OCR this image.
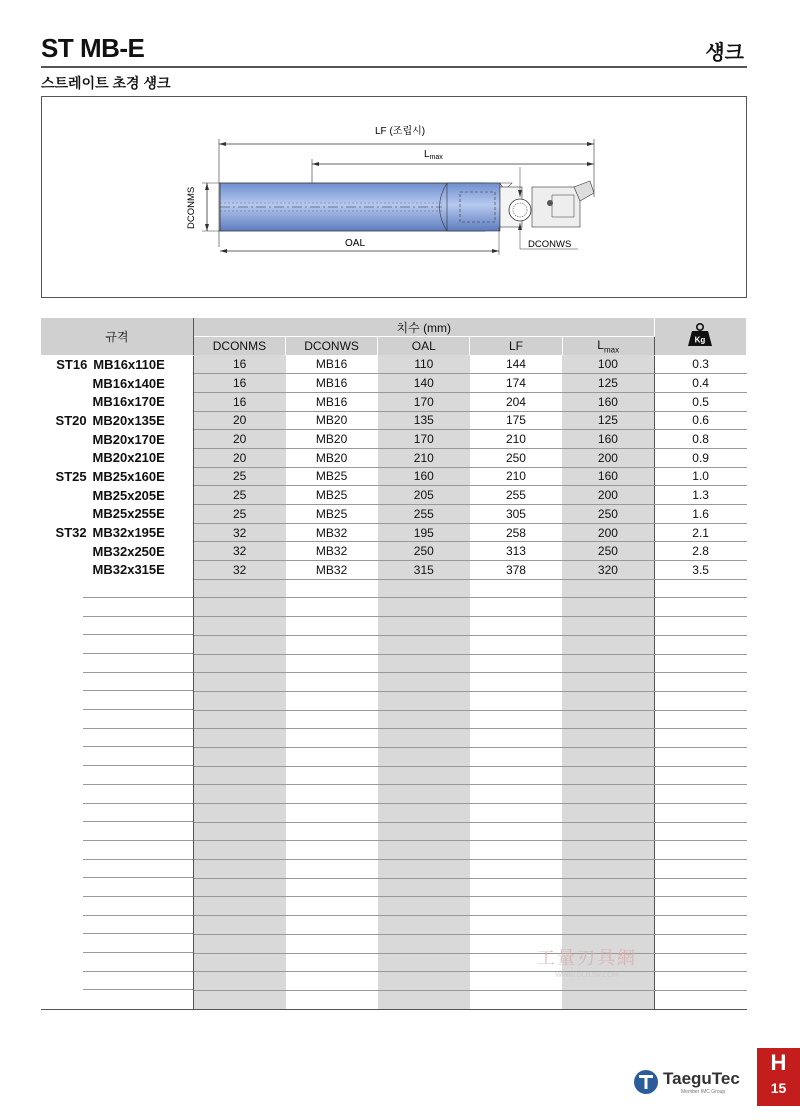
ST MB-E	섕크
스트레이트 초경 섕크
LF (조립시)
$L_{max}$
DCONMS
OAL	DCONWS
규격	치수 (mm)					Kg

	DCONMS	DCONWS	OAL	LF	$L_{max}$
ST16 MB16x110E	16	MB16	110	144	100	0.3
MB16x140E	16	MB16	140	174	125	0.4
MB16x170E	16	MB16	170	204	160	0.5
ST20 MB20x135E	20	MB20	135	175	125	0.6
MB20x170E	20	MB20	170	210	160	0.8
MB20x210E	20	MB20	210	250	200	0.9
ST25 MB25x160E	25	MB25	160	210	160	1.0
MB25x205E	25	MB25	205	255	200	1.3
MB25x255E	25	MB25	255	305	250	1.6
ST32 MB32x195E	32	MB32	195	258	200	2.1
MB32x250E	32	MB32	250	313	250	2.8
MB32x315E	32	MB32	315	378	320	3.5

工量刃具網
WWW.DLRJW.COM
TaeguTec
Member IMC Group
H
15
